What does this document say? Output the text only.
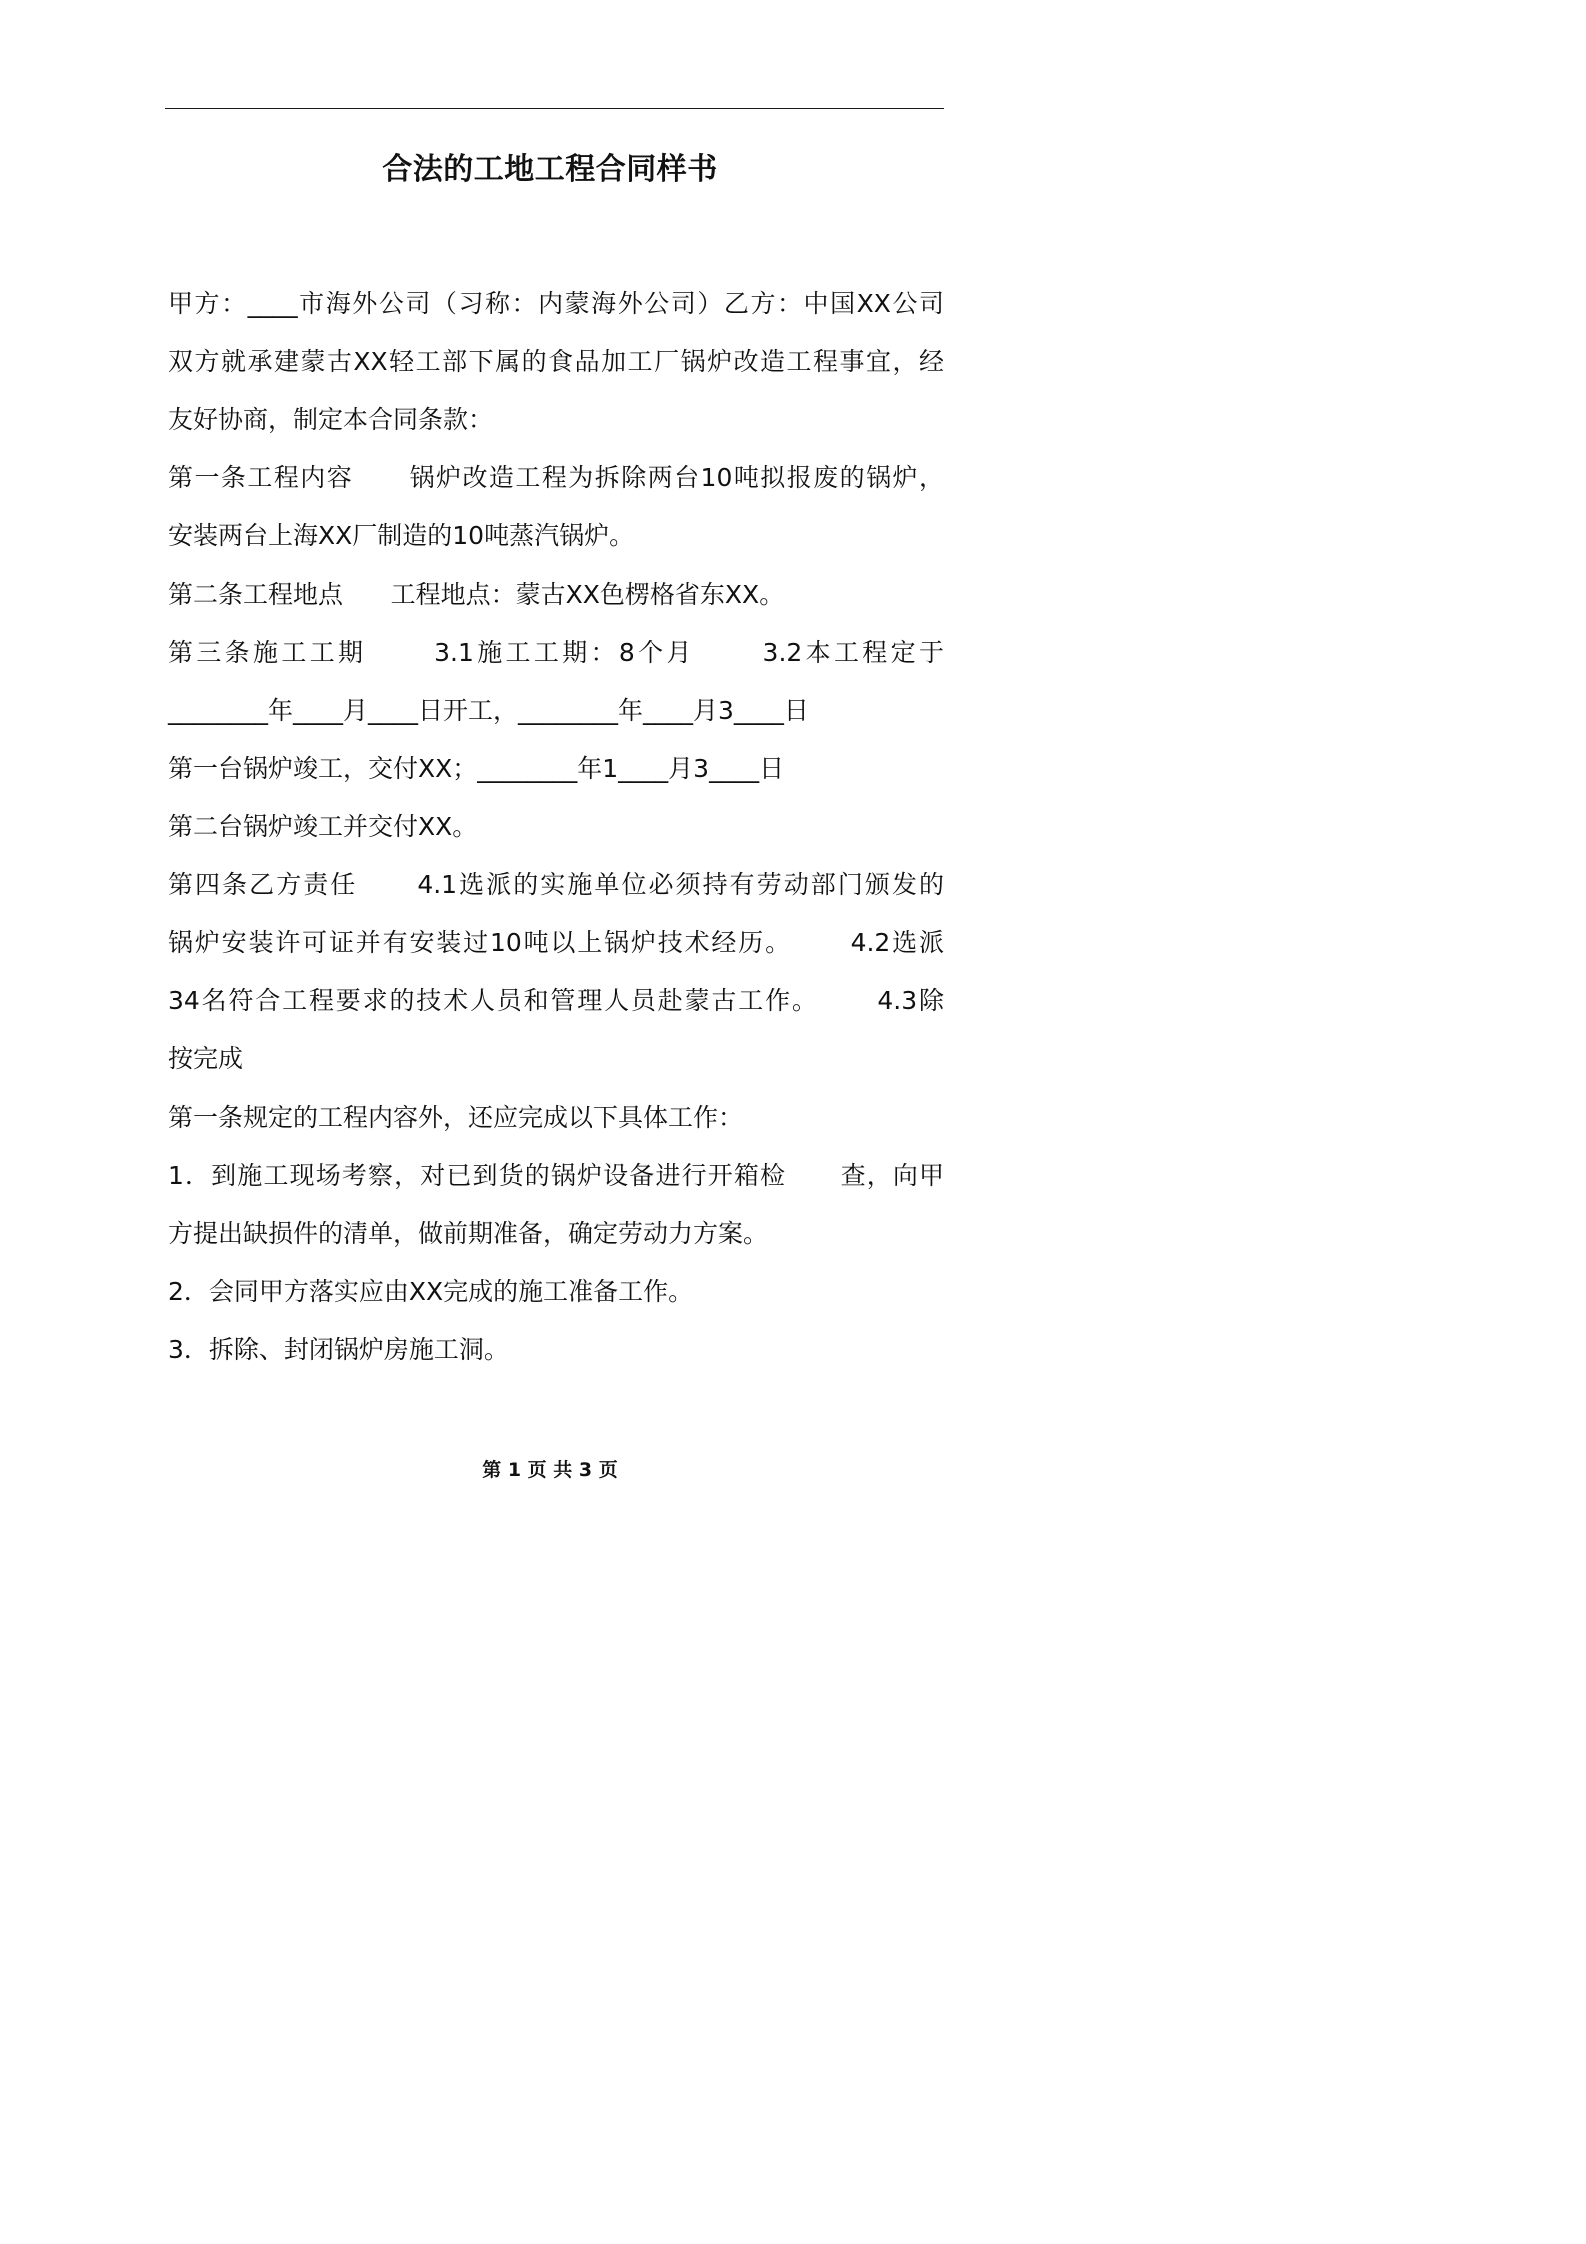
合法的工地工程合同样书
甲方：____市海外公司（习称：内蒙海外公司）乙方：中国XX公司
双方就承建蒙古XX轻工部下属的食品加工厂锅炉改造工程事宜，经
友好协商，制定本合同条款：
第一条工程内容      锅炉改造工程为拆除两台10吨拟报废的锅炉，
安装两台上海XX厂制造的10吨蒸汽锅炉。
第二条工程地点      工程地点：蒙古XX色楞格省东XX。
第三条施工工期      3.1施工工期：8个月      3.2本工程定于
________年____月____日开工，________年____月3____日
第一台锅炉竣工，交付XX；________年1____月3____日
第二台锅炉竣工并交付XX。
第四条乙方责任      4.1选派的实施单位必须持有劳动部门颁发的
锅炉安装许可证并有安装过10吨以上锅炉技术经历。      4.2选派
34名符合工程要求的技术人员和管理人员赴蒙古工作。      4.3除
按完成
第一条规定的工程内容外，还应完成以下具体工作：
1．到施工现场考察，对已到货的锅炉设备进行开箱检      查，向甲
方提出缺损件的清单，做前期准备，确定劳动力方案。
2．会同甲方落实应由XX完成的施工准备工作。
3．拆除、封闭锅炉房施工洞。
第 1 页 共 3 页
